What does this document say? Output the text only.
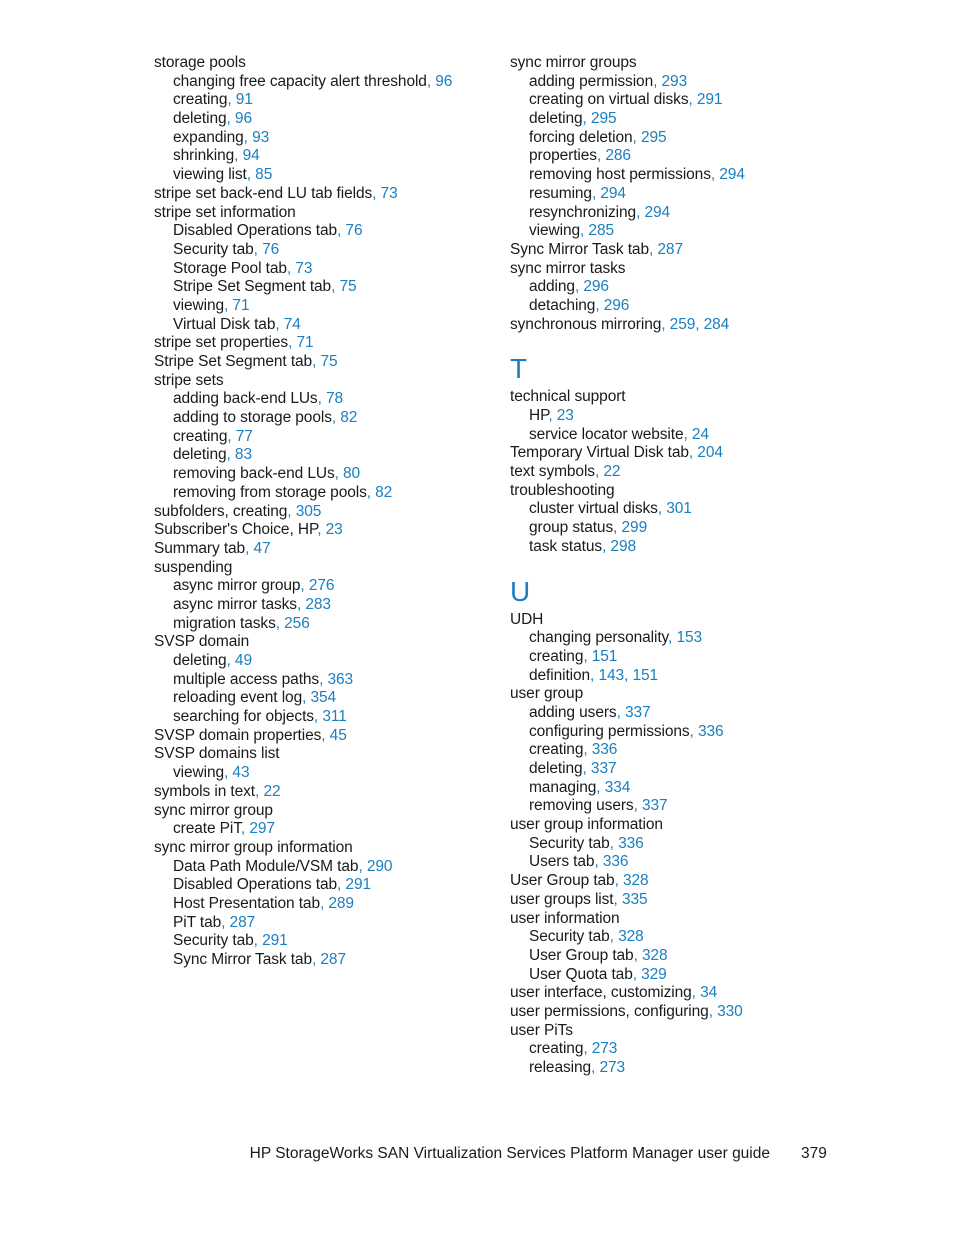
storage pools
changing free capacity alert threshold, 96
creating, 91
deleting, 96
expanding, 93
shrinking, 94
viewing list, 85
stripe set back-end LU tab fields, 73
stripe set information
Disabled Operations tab, 76
Security tab, 76
Storage Pool tab, 73
Stripe Set Segment tab, 75
viewing, 71
Virtual Disk tab, 74
stripe set properties, 71
Stripe Set Segment tab, 75
stripe sets
adding back-end LUs, 78
adding to storage pools, 82
creating, 77
deleting, 83
removing back-end LUs, 80
removing from storage pools, 82
subfolders, creating, 305
Subscriber's Choice, HP, 23
Summary tab, 47
suspending
async mirror group, 276
async mirror tasks, 283
migration tasks, 256
SVSP domain
deleting, 49
multiple access paths, 363
reloading event log, 354
searching for objects, 311
SVSP domain properties, 45
SVSP domains list
viewing, 43
symbols in text, 22
sync mirror group
create PiT, 297
sync mirror group information
Data Path Module/VSM tab, 290
Disabled Operations tab, 291
Host Presentation tab, 289
PiT tab, 287
Security tab, 291
Sync Mirror Task tab, 287
sync mirror groups
adding permission, 293
creating on virtual disks, 291
deleting, 295
forcing deletion, 295
properties, 286
removing host permissions, 294
resuming, 294
resynchronizing, 294
viewing, 285
Sync Mirror Task tab, 287
sync mirror tasks
adding, 296
detaching, 296
synchronous mirroring, 259, 284
T
technical support
HP, 23
service locator website, 24
Temporary Virtual Disk tab, 204
text symbols, 22
troubleshooting
cluster virtual disks, 301
group status, 299
task status, 298
U
UDH
changing personality, 153
creating, 151
definition, 143, 151
user group
adding users, 337
configuring permissions, 336
creating, 336
deleting, 337
managing, 334
removing users, 337
user group information
Security tab, 336
Users tab, 336
User Group tab, 328
user groups list, 335
user information
Security tab, 328
User Group tab, 328
User Quota tab, 329
user interface, customizing, 34
user permissions, configuring, 330
user PiTs
creating, 273
releasing, 273
HP StorageWorks SAN Virtualization Services Platform Manager user guide 379
